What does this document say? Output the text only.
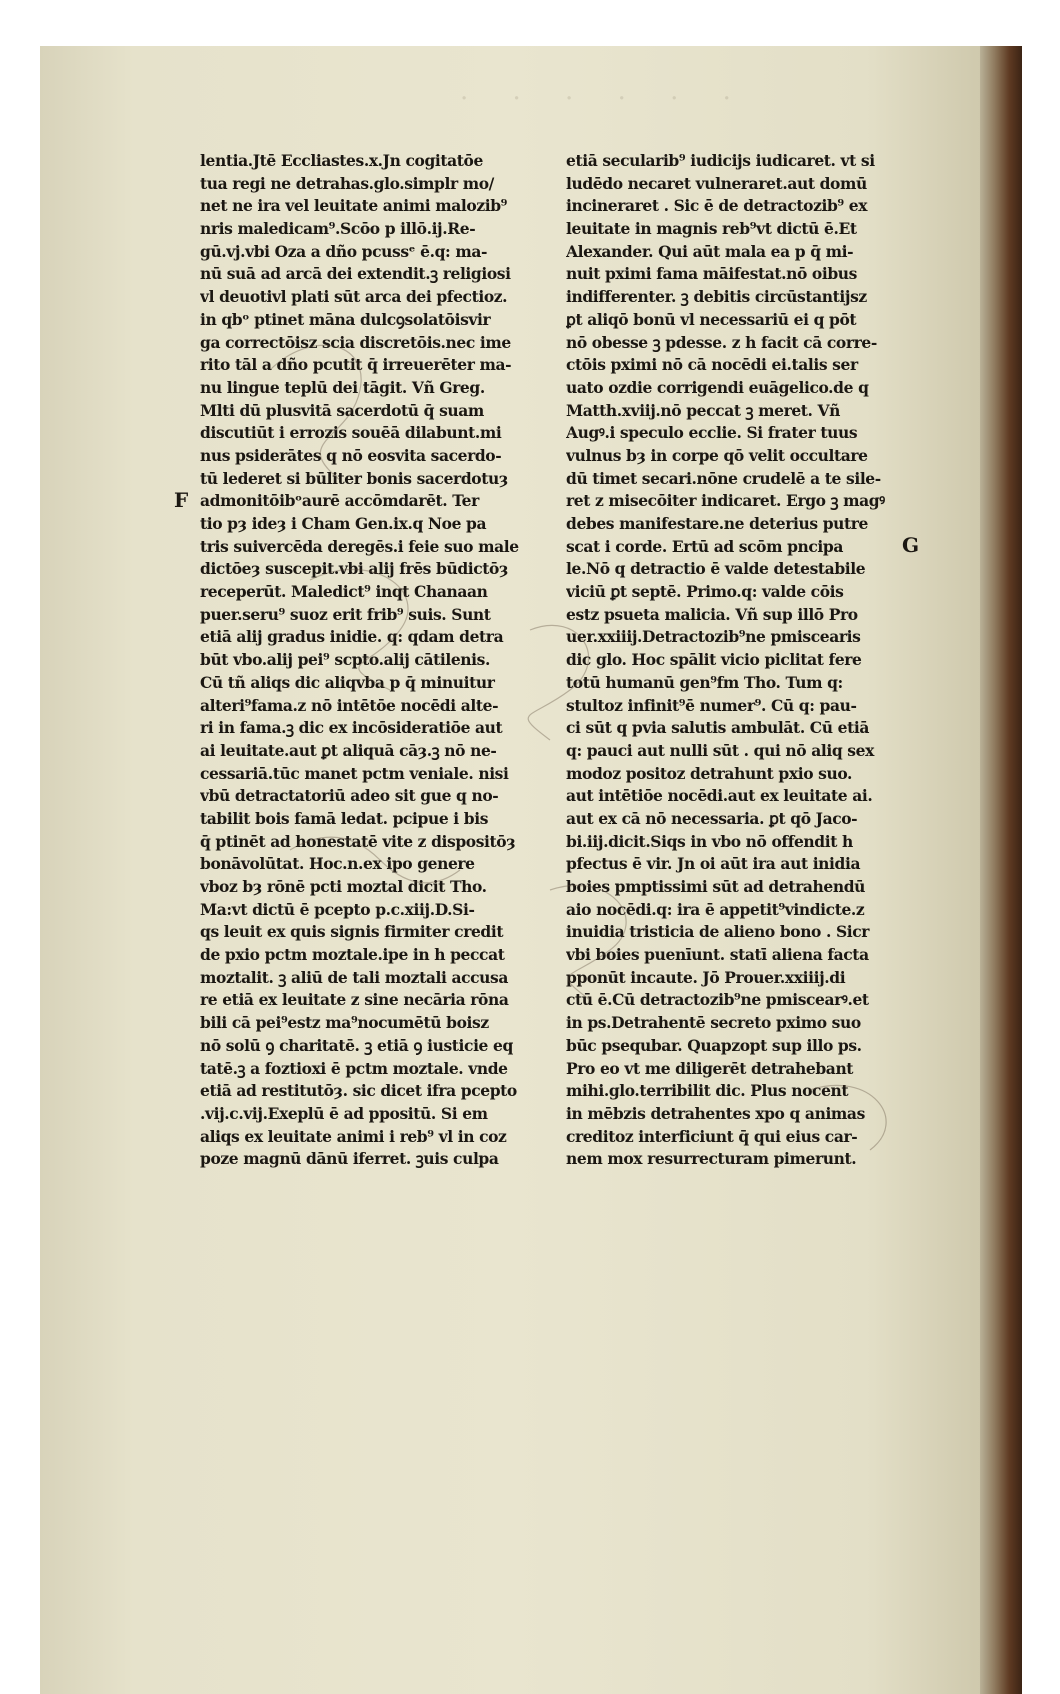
· · · · · ·
F
G
lentia.Jtē Eccliastes.x.Jn cogitatōe
tua regi ne detrahas.glo.simplr mo/
net ne ira vel leuitate animi malozib⁹
nris maledicam⁹.Scōo p illō.ij.Re-
gū.vj.vbi Oza a dño pcussᵉ ē.q: ma-
nū suā ad arcā dei extendit.ꝫ religiosi
vl deuotivl plati sūt arca dei pfectioz.
in qbᵒ ptinet māna dulcꝯsolatōisvir
ga correctōisz scia discretōis.nec ime
rito tāl a dño pcutit q̄ irreuerēter ma-
nu lingue teplū dei tāgit. Vñ Greg.
Mlti dū plusvitā sacerdotū q̄ suam
discutiūt i errozis souēā dilabunt.mi
nus psiderātes q nō eosvita sacerdo-
tū lederet si būliter bonis sacerdotuȝ
admonitōibᵒaurē accōmdarēt. Ter
tio pȝ ideȝ i Cham Gen.ix.q Noe pa
tris suivercēda deregēs.i feie suo male
dictōeȝ suscepit.vbi alij frēs būdictōȝ
receperūt. Maledict⁹ inqt Chanaan
puer.seru⁹ suoz erit frib⁹ suis. Sunt
etiā alij gradus inidie. q: qdam detra
būt vbo.alij pei⁹ scpto.alij cātilenis.
Cū tñ aliqs dic aliqvba p q̄ minuitur
alteri⁹fama.z nō intētōe nocēdi alte-
ri in fama.ꝫ dic ex incōsideratiōe aut
ai leuitate.aut ꝑt aliquā cāȝ.ꝫ nō ne-
cessariā.tūc manet pctm veniale. nisi
vbū detractatoriū adeo sit gue q no-
tabilit bois famā ledat. pcipue i bis
q̄ ptinēt ad honestatē vite z dispositōȝ
bonāvolūtat. Hoc.n.ex ipo genere
vboz bȝ rōnē pcti moztal dicit Tho.
Ma:vt dictū ē pcepto p.c.xiij.D.Si-
qs leuit ex quis signis firmiter credit
de pxio pctm moztale.ipe in h peccat
moztalit. ꝫ aliū de tali moztali accusa
re etiā ex leuitate z sine necāria rōna
bili cā pei⁹estz ma⁹nocumētū boisz
nō solū ꝯ charitatē. ꝫ etiā ꝯ iusticie eq
tatē.ꝫ a foztioxi ē pctm moztale. vnde
etiā ad restitutōȝ. sic dicet ifra pcepto
.vij.c.vij.Exeplū ē ad ppositū. Si em
aliqs ex leuitate animi i reb⁹ vl in coz
poze magnū dānū iferret. ꝫuis culpa
etiā secularib⁹ iudicijs iudicaret. vt si
ludēdo necaret vulneraret.aut domū
incineraret . Sic ē de detractozib⁹ ex
leuitate in magnis reb⁹vt dictū ē.Et
Alexander. Qui aūt mala ea p q̄ mi-
nuit pximi fama māifestat.nō oibus
indifferenter. ꝫ debitis circūstantijsz
ꝑt aliqō bonū vl necessariū ei q pōt
nō obesse ꝫ pdesse. z h facit cā corre-
ctōis pximi nō cā nocēdi ei.talis ser
uato ozdie corrigendi euāgelico.de q
Matth.xviij.nō peccat ꝫ meret. Vñ
Augꝰ.i speculo ecclie. Si frater tuus
vulnus bȝ in corpe qō velit occultare
dū timet secari.nōne crudelē a te sile-
ret z misecōiter indicaret. Ergo ꝫ magꝰ
debes manifestare.ne deterius putre
scat i corde. Ertū ad scōm pncipa
le.Nō q detractio ē valde detestabile
viciū ꝑt septē. Primo.q: valde cōis
estz psueta malicia. Vñ sup illō Pro
uer.xxiiij.Detractozib⁹ne pmiscearis
dic glo. Hoc spālit vicio piclitat fere
totū humanū gen⁹fm Tho. Tum q:
stultoz infinit⁹ē numer⁹. Cū q: pau-
ci sūt q pvia salutis ambulāt. Cū etiā
q: pauci aut nulli sūt . qui nō aliq sex
modoz positoz detrahunt pxio suo.
aut intētiōe nocēdi.aut ex leuitate ai.
aut ex cā nō necessaria. ꝑt qō Jaco-
bi.iij.dicit.Siqs in vbo nō offendit h
pfectus ē vir. Jn oi aūt ira aut inidia
boies pmptissimi sūt ad detrahendū
aio nocēdi.q: ira ē appetit⁹vindicte.z
inuidia tristicia de alieno bono . Sicr
vbi boies puenīunt. statī aliena facta
pponūt incaute. Jō Prouer.xxiiij.di
ctū ē.Cū detractozib⁹ne pmiscearꝰ.et
in ps.Detrahentē secreto pximo suo
būc psequbar. Quapzopt sup illo ps.
Pro eo vt me diligerēt detrahebant
mihi.glo.terribilit dic. Plus nocent
in mēbzis detrahentes xpo q animas
creditoz interficiunt q̄ qui eius car-
nem mox resurrecturam pimerunt.
